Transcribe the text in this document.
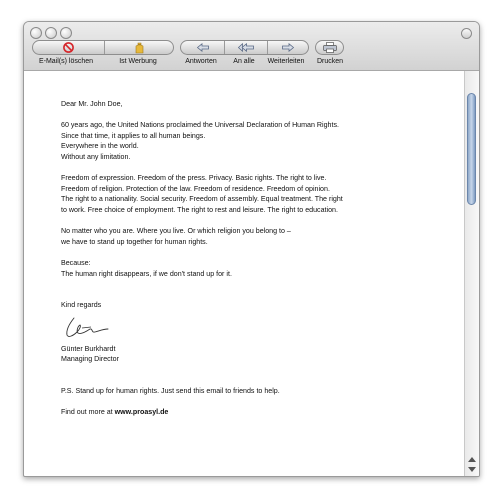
E-Mail(s) löschen	Ist Werbung	Antworten An alle Weiterleiten Drucken

Dear Mr. John Doe,

60 years ago, the United Nations proclaimed the Universal Declaration of Human Rights.
Since that time, it applies to all human beings.
Everywhere in the world.
Without any limitation.

Freedom of expression. Freedom of the press. Privacy. Basic rights. The right to live.
Freedom of religion. Protection of the law. Freedom of residence. Freedom of opinion.
The right to a nationality. Social security. Freedom of assembly. Equal treatment. The right
to work. Free choice of employment. The right to rest and leisure. The right to education.

No matter who you are. Where you live. Or which religion you belong to –
we have to stand up together for human rights.

Because:
The human right disappears, if we don't stand up for it.

Kind regards
Günter Burkhardt
Managing Director

P.S. Stand up for human rights. Just send this email to friends to help.

Find out more at www.proasyl.de
